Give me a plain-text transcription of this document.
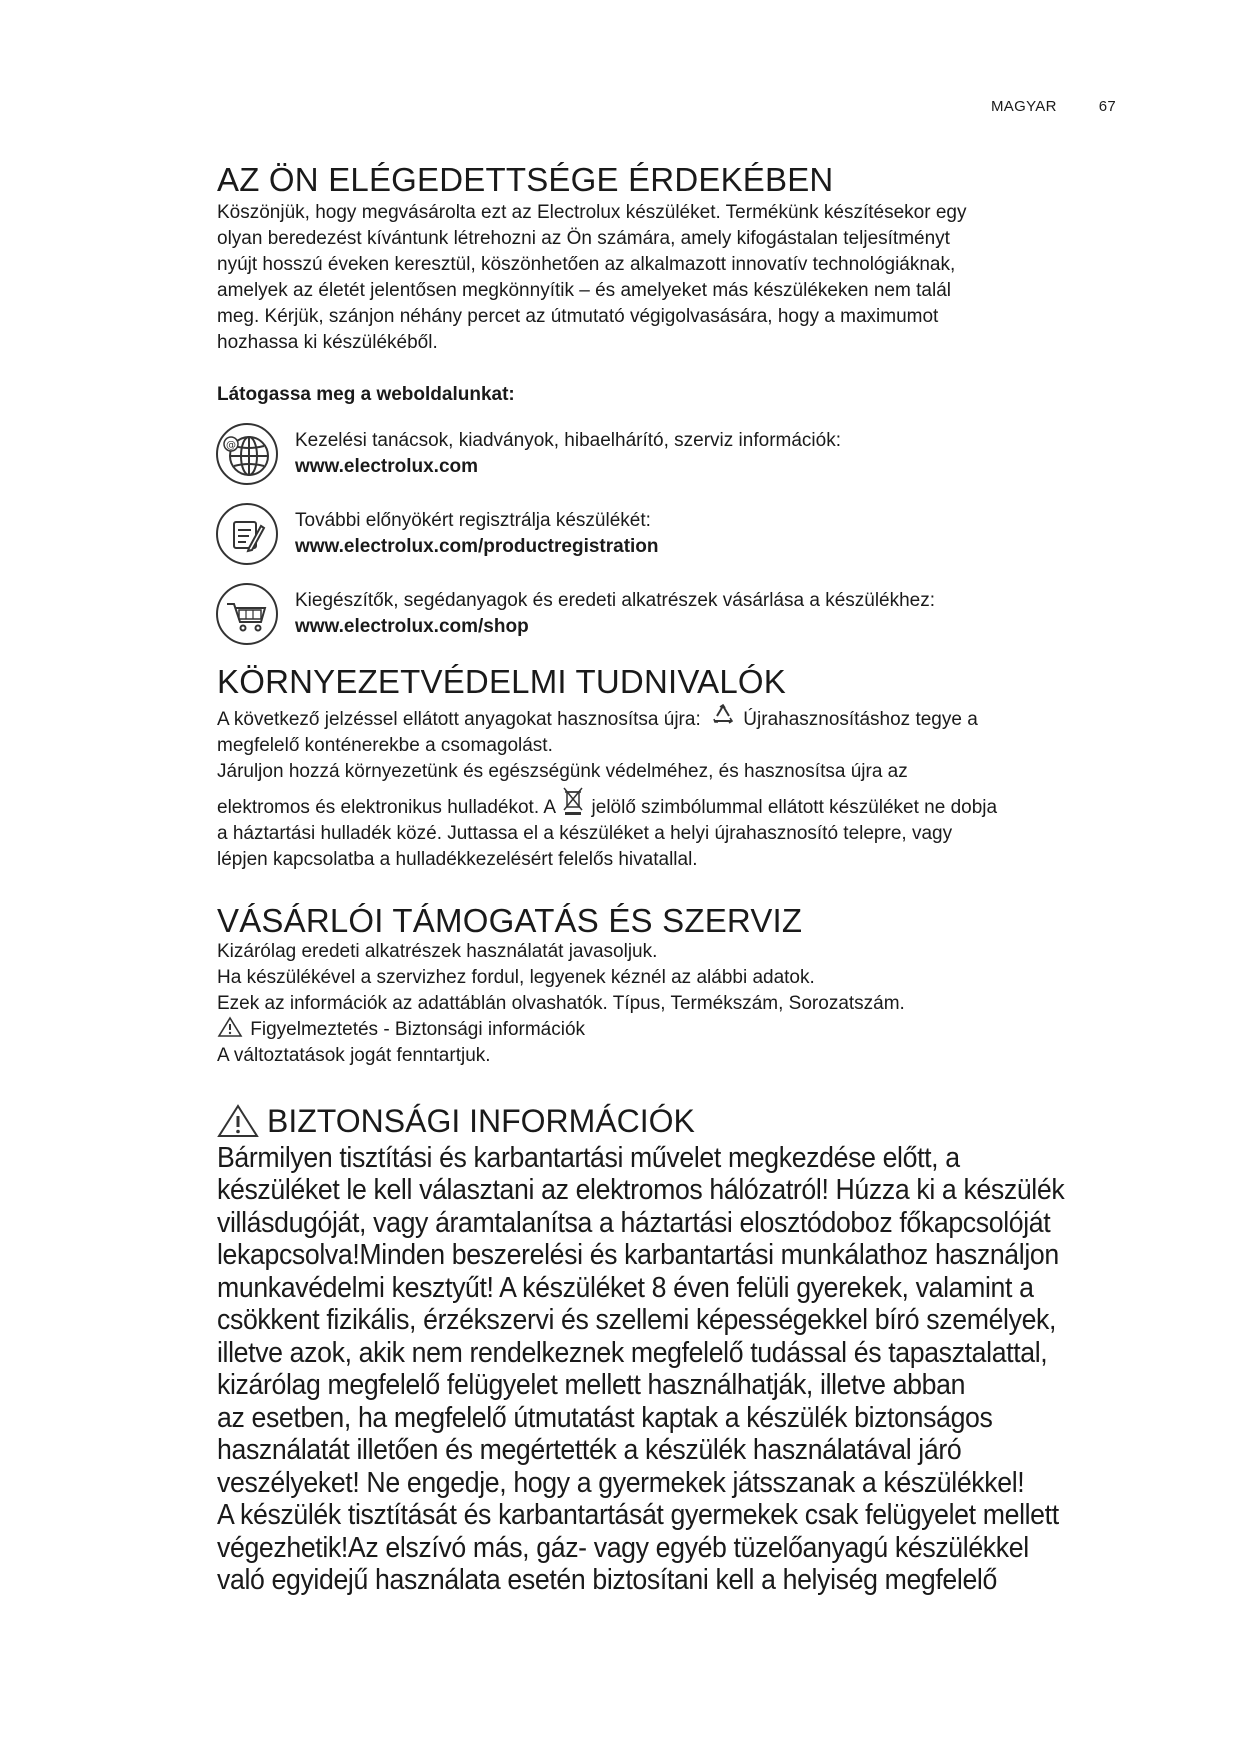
MAGYAR	67
AZ ÖN ELÉGEDETTSÉGE ÉRDEKÉBEN

Köszönjük, hogy megvásárolta ezt az Electrolux készüléket. Termékünk készítésekor egy
olyan beredezést kívántunk létrehozni az Ön számára, amely kifogástalan teljesítményt
nyújt hosszú éveken keresztül, köszönhetően az alkalmazott innovatív technológiáknak,
amelyek az életét jelentősen megkönnyítik – és amelyeket más készülékeken nem talál
meg. Kérjük, szánjon néhány percet az útmutató végigolvasására, hogy a maximumot
hozhassa ki készülékéből.

Látogassa meg a weboldalunkat:
@	Kezelési tanácsok, kiadványok, hibaelhárító, szerviz információk:
www.electrolux.com
További előnyökért regisztrálja készülékét:
www.electrolux.com/productregistration
Kiegészítők, segédanyagok és eredeti alkatrészek vásárlása a készülékhez:
www.electrolux.com/shop
KÖRNYEZETVÉDELMI TUDNIVALÓK

A következő jelzéssel ellátott anyagokat hasznosítsa újra: Újrahasznosításhoz tegye a
megfelelő konténerekbe a csomagolást.
Járuljon hozzá környezetünk és egészségünk védelméhez, és hasznosítsa újra az
elektromos és elektronikus hulladékot. A jelölő szimbólummal ellátott készüléket ne dobja
a háztartási hulladék közé. Juttassa el a készüléket a helyi újrahasznosító telepre, vagy
lépjen kapcsolatba a hulladékkezelésért felelős hivatallal.

VÁSÁRLÓI TÁMOGATÁS ÉS SZERVIZ

Kizárólag eredeti alkatrészek használatát javasoljuk.
Ha készülékével a szervizhez fordul, legyenek kéznél az alábbi adatok.
Ezek az információk az adattáblán olvashatók. Típus, Termékszám, Sorozatszám.
Figyelmeztetés - Biztonsági információk
A változtatások jogát fenntartjuk.

BIZTONSÁGI INFORMÁCIÓK
Bármilyen tisztítási és karbantartási művelet megkezdése előtt, a
készüléket le kell választani az elektromos hálózatról! Húzza ki a készülék
villásdugóját, vagy áramtalanítsa a háztartási elosztódoboz főkapcsolóját
lekapcsolva!Minden beszerelési és karbantartási munkálathoz használjon
munkavédelmi kesztyűt! A készüléket 8 éven felüli gyerekek, valamint a
csökkent fizikális, érzékszervi és szellemi képességekkel bíró személyek,
illetve azok, akik nem rendelkeznek megfelelő tudással és tapasztalattal,
kizárólag megfelelő felügyelet mellett használhatják, illetve abban
az esetben, ha megfelelő útmutatást kaptak a készülék biztonságos
használatát illetően és megértették a készülék használatával járó
veszélyeket! Ne engedje, hogy a gyermekek játsszanak a készülékkel!
A készülék tisztítását és karbantartását gyermekek csak felügyelet mellett
végezhetik!Az elszívó más, gáz- vagy egyéb tüzelőanyagú készülékkel
való egyidejű használata esetén biztosítani kell a helyiség megfelelő
